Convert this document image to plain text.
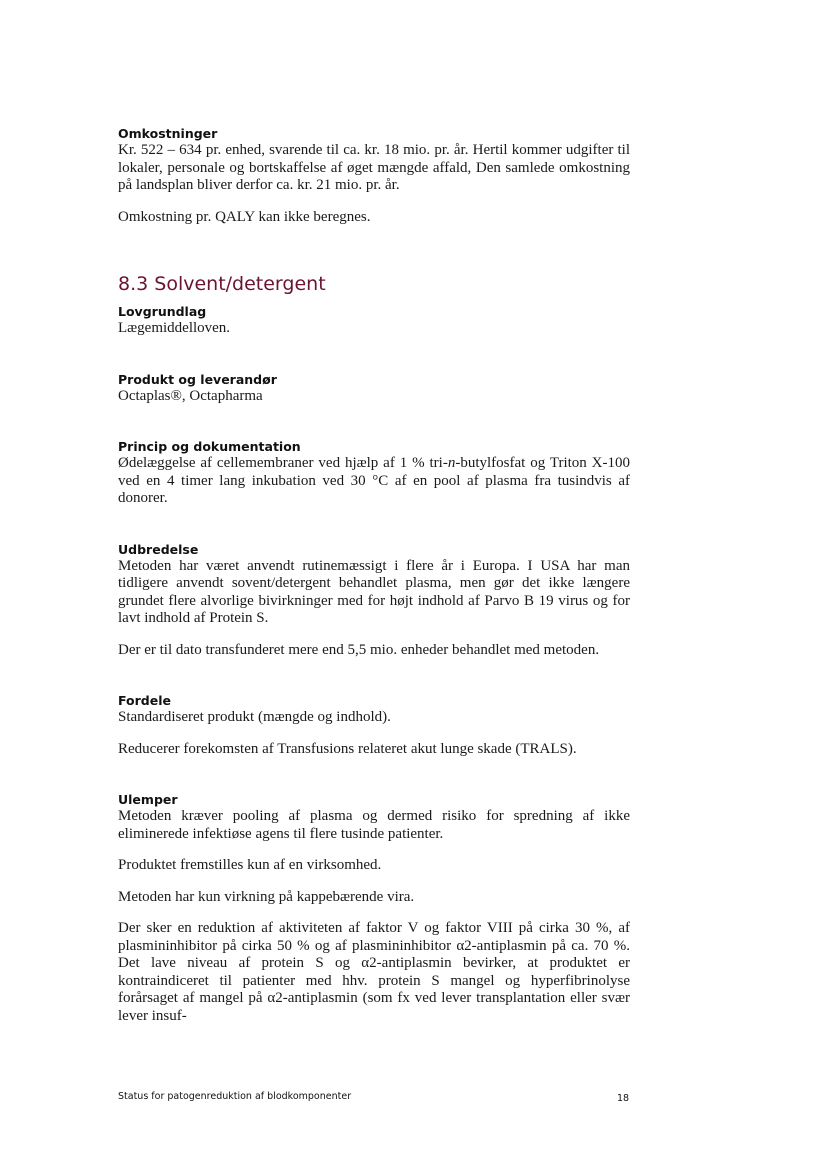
Omkostninger

Kr. 522 – 634 pr. enhed, svarende til ca. kr. 18 mio. pr. år. Hertil kommer udgifter til lokaler, personale og bortskaffelse af øget mængde affald, Den samlede omkostning på landsplan bliver derfor ca. kr. 21 mio. pr. år.

Omkostning pr. QALY kan ikke beregnes.

8.3 Solvent/detergent
Lovgrundlag

Lægemiddelloven.

Produkt og leverandør

Octaplas®, Octapharma

Princip og dokumentation

Ødelæggelse af cellemembraner ved hjælp af 1 % tri-n-butylfosfat og Triton X-100 ved en 4 timer lang inkubation ved 30 °C af en pool af plasma fra tusindvis af donorer.

Udbredelse

Metoden har været anvendt rutinemæssigt i flere år i Europa. I USA har man tidligere anvendt sovent/detergent behandlet plasma, men gør det ikke længere grundet flere alvorlige bivirkninger med for højt indhold af Parvo B 19 virus og for lavt indhold af Protein S.

Der er til dato transfunderet mere end 5,5 mio. enheder behandlet med metoden.

Fordele

Standardiseret produkt (mængde og indhold).

Reducerer forekomsten af Transfusions relateret akut lunge skade (TRALS).

Ulemper

Metoden kræver pooling af plasma og dermed risiko for spredning af ikke eliminerede infektiøse agens til flere tusinde patienter.

Produktet fremstilles kun af en virksomhed.

Metoden har kun virkning på kappebærende vira.

Der sker en reduktion af aktiviteten af faktor V og faktor VIII på cirka 30 %, af plasmininhibitor på cirka 50 % og af plasmininhibitor α2-antiplasmin på ca. 70 %. Det lave niveau af protein S og α2-antiplasmin bevirker, at produktet er kontraindiceret til patienter med hhv. protein S mangel og hyperfibrinolyse forårsaget af mangel på α2-antiplasmin (som fx ved lever transplantation eller svær lever insuf-

Status for patogenreduktion af blodkomponenter	18
